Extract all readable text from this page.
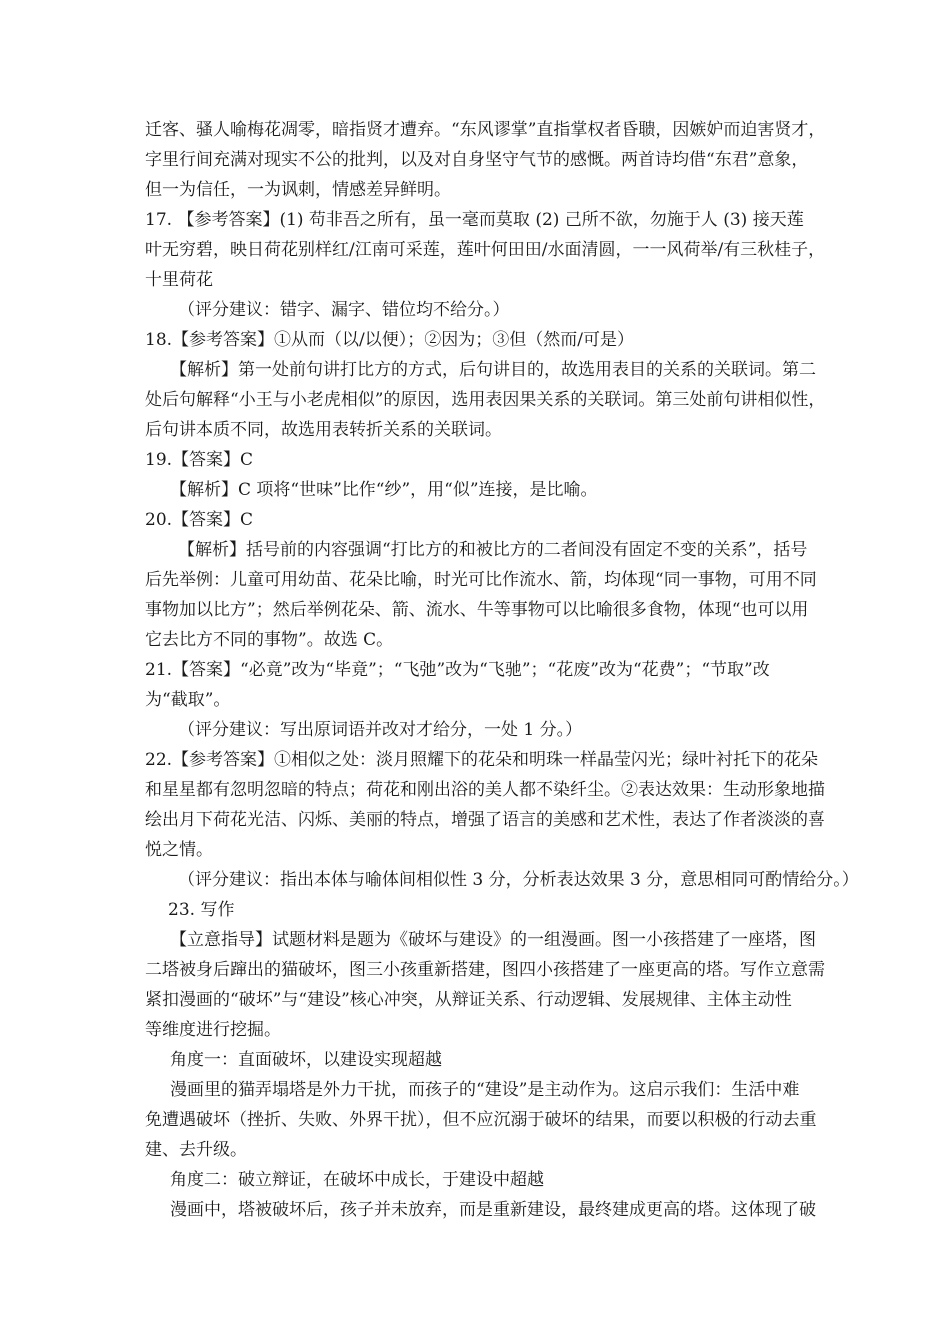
迁客、骚人喻梅花凋零，暗指贤才遭弃。“东风谬掌”直指掌权者昏聩，因嫉妒而迫害贤才，
字里行间充满对现实不公的批判，以及对自身坚守气节的感慨。两首诗均借“东君”意象，
但一为信任，一为讽刺，情感差异鲜明。
17. 【参考答案】(1) 苟非吾之所有，虽一毫而莫取 (2) 己所不欲，勿施于人 (3) 接天莲
叶无穷碧，映日荷花别样红/江南可采莲，莲叶何田田/水面清圆，一一风荷举/有三秋桂子，
十里荷花
（评分建议：错字、漏字、错位均不给分。）
18.【参考答案】①从而（以/以便）；②因为；③但（然而/可是）
【解析】第一处前句讲打比方的方式，后句讲目的，故选用表目的关系的关联词。第二
处后句解释“小王与小老虎相似”的原因，选用表因果关系的关联词。第三处前句讲相似性，
后句讲本质不同，故选用表转折关系的关联词。
19.【答案】C
【解析】C 项将“世味”比作“纱”，用“似”连接，是比喻。
20.【答案】C
【解析】括号前的内容强调“打比方的和被比方的二者间没有固定不变的关系”，括号
后先举例：儿童可用幼苗、花朵比喻，时光可比作流水、箭，均体现“同一事物，可用不同
事物加以比方”；然后举例花朵、箭、流水、牛等事物可以比喻很多食物，体现“也可以用
它去比方不同的事物”。故选 C。
21.【答案】“必竟”改为“毕竟”；“飞弛”改为“飞驰”；“花废”改为“花费”；“节取”改
为“截取”。
（评分建议：写出原词语并改对才给分，一处 1 分。）
22.【参考答案】①相似之处：淡月照耀下的花朵和明珠一样晶莹闪光；绿叶衬托下的花朵
和星星都有忽明忽暗的特点；荷花和刚出浴的美人都不染纤尘。②表达效果：生动形象地描
绘出月下荷花光洁、闪烁、美丽的特点，增强了语言的美感和艺术性，表达了作者淡淡的喜
悦之情。
（评分建议：指出本体与喻体间相似性 3 分，分析表达效果 3 分，意思相同可酌情给分。）
23. 写作
【立意指导】试题材料是题为《破坏与建设》的一组漫画。图一小孩搭建了一座塔，图
二塔被身后蹿出的猫破坏，图三小孩重新搭建，图四小孩搭建了一座更高的塔。写作立意需
紧扣漫画的“破坏”与“建设”核心冲突，从辩证关系、行动逻辑、发展规律、主体主动性
等维度进行挖掘。
角度一：直面破坏，以建设实现超越
漫画里的猫弄塌塔是外力干扰，而孩子的“建设”是主动作为。这启示我们：生活中难
免遭遇破坏（挫折、失败、外界干扰），但不应沉溺于破坏的结果，而要以积极的行动去重
建、去升级。
角度二：破立辩证，在破坏中成长，于建设中超越
漫画中，塔被破坏后，孩子并未放弃，而是重新建设，最终建成更高的塔。这体现了破
